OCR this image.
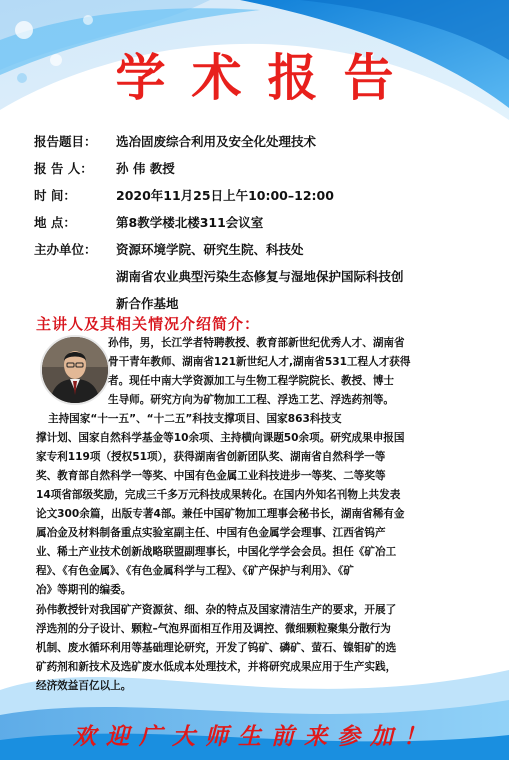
学术报告
报告题目：	选冶固废综合利用及安全化处理技术
报 告 人：	孙 伟 教授
时 间：	2020年11月25日上午10:00–12:00
地 点：	第8教学楼北楼311会议室
主办单位：	资源环境学院、研究生院、科技处
湖南省农业典型污染生态修复与湿地保护国际科技创
新合作基地
主讲人及其相关情况介绍简介：
孙伟，男，长江学者特聘教授、教育部新世纪优秀人才、湖南省
骨干青年教师、湖南省121新世纪人才,湖南省531工程人才获得
者。现任中南大学资源加工与生物工程学院院长、教授、博士
生导师。研究方向为矿物加工工程、浮选工艺、浮选药剂等。
主持国家“十一五”、“十二五”科技支撑项目、国家863科技支
撑计划、国家自然科学基金等10余项、主持横向课题50余项。研究成果申报国
家专利119项（授权51项），获得湖南省创新团队奖、湖南省自然科学一等
奖、教育部自然科学一等奖、中国有色金属工业科技进步一等奖、二等奖等
14项省部级奖励，完成三千多万元科技成果转化。在国内外知名刊物上共发表
论文300余篇，出版专著4部。兼任中国矿物加工理事会秘书长，湖南省稀有金
属冶金及材料制备重点实验室副主任、中国有色金属学会理事、江西省钨产
业、稀土产业技术创新战略联盟副理事长，中国化学学会会员。担任《矿冶工
程》、《有色金属》、《有色金属科学与工程》、《矿产保护与利用》、《矿
冶》等期刊的编委。
孙伟教授针对我国矿产资源贫、细、杂的特点及国家清洁生产的要求，开展了
浮选剂的分子设计、颗粒–气泡界面相互作用及调控、微细颗粒聚集分散行为
机制、废水循环利用等基础理论研究，开发了钨矿、磷矿、萤石、镍钼矿的选
矿药剂和新技术及选矿废水低成本处理技术，并将研究成果应用于生产实践，
经济效益百亿以上。
欢迎广大师生前来参加！
